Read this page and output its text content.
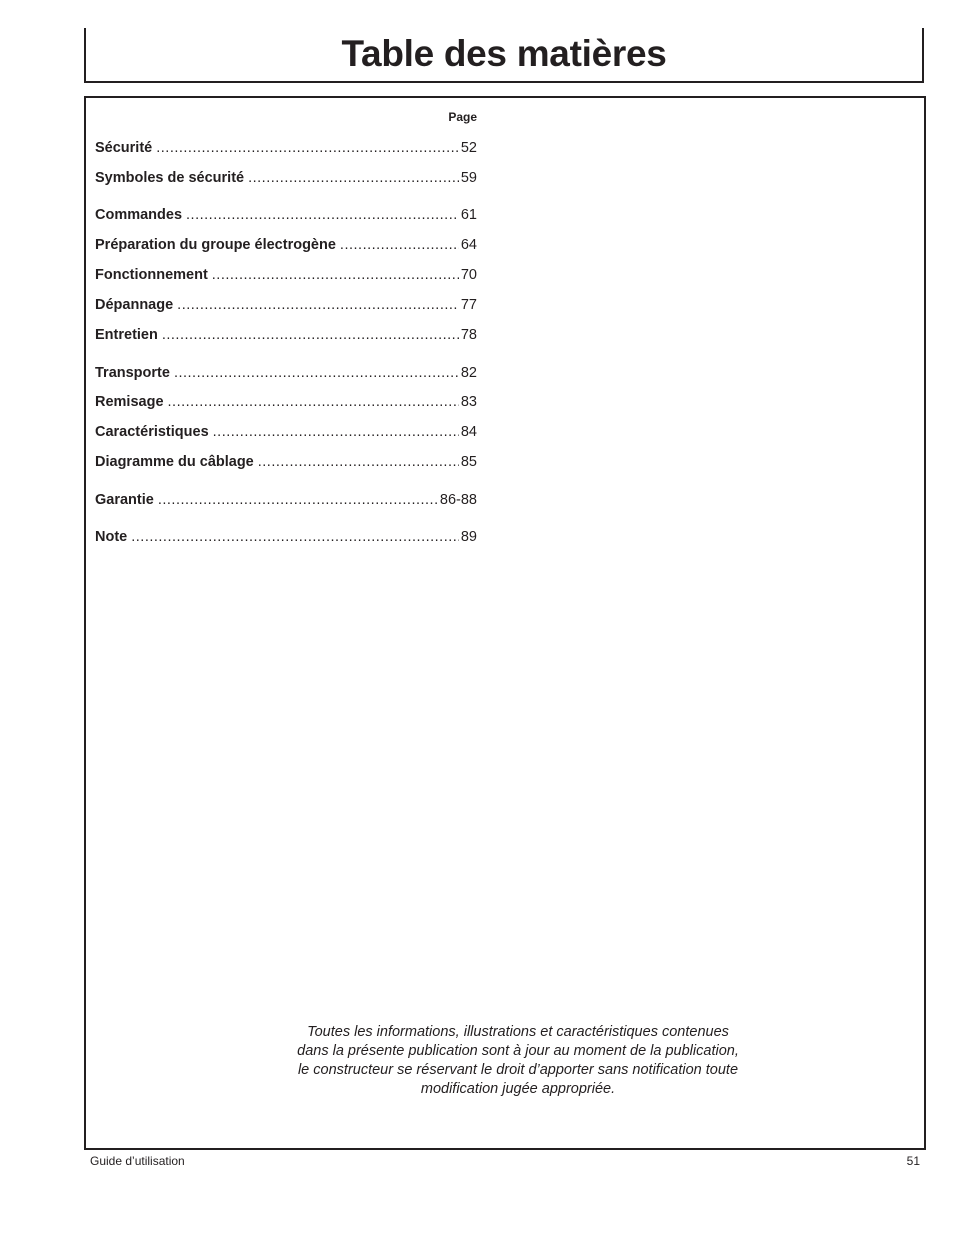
Table des matières
Page
Sécurité .....	52
Symboles de sécurité .....	59
Commandes .....	61
Préparation du groupe électrogène .....	64
Fonctionnement .....	70
Dépannage .....	77
Entretien .....	78
Transporte .....	82
Remisage .....	83
Caractéristiques .....	84
Diagramme du câblage .....	85
Garantie .....	86-88
Note .....	89
Toutes les informations, illustrations et caractéristiques contenues
dans la présente publication sont à jour au moment de la publication,
le constructeur se réservant le droit d’apporter sans notification toute
modification jugée appropriée.
Guide d’utilisation	51
